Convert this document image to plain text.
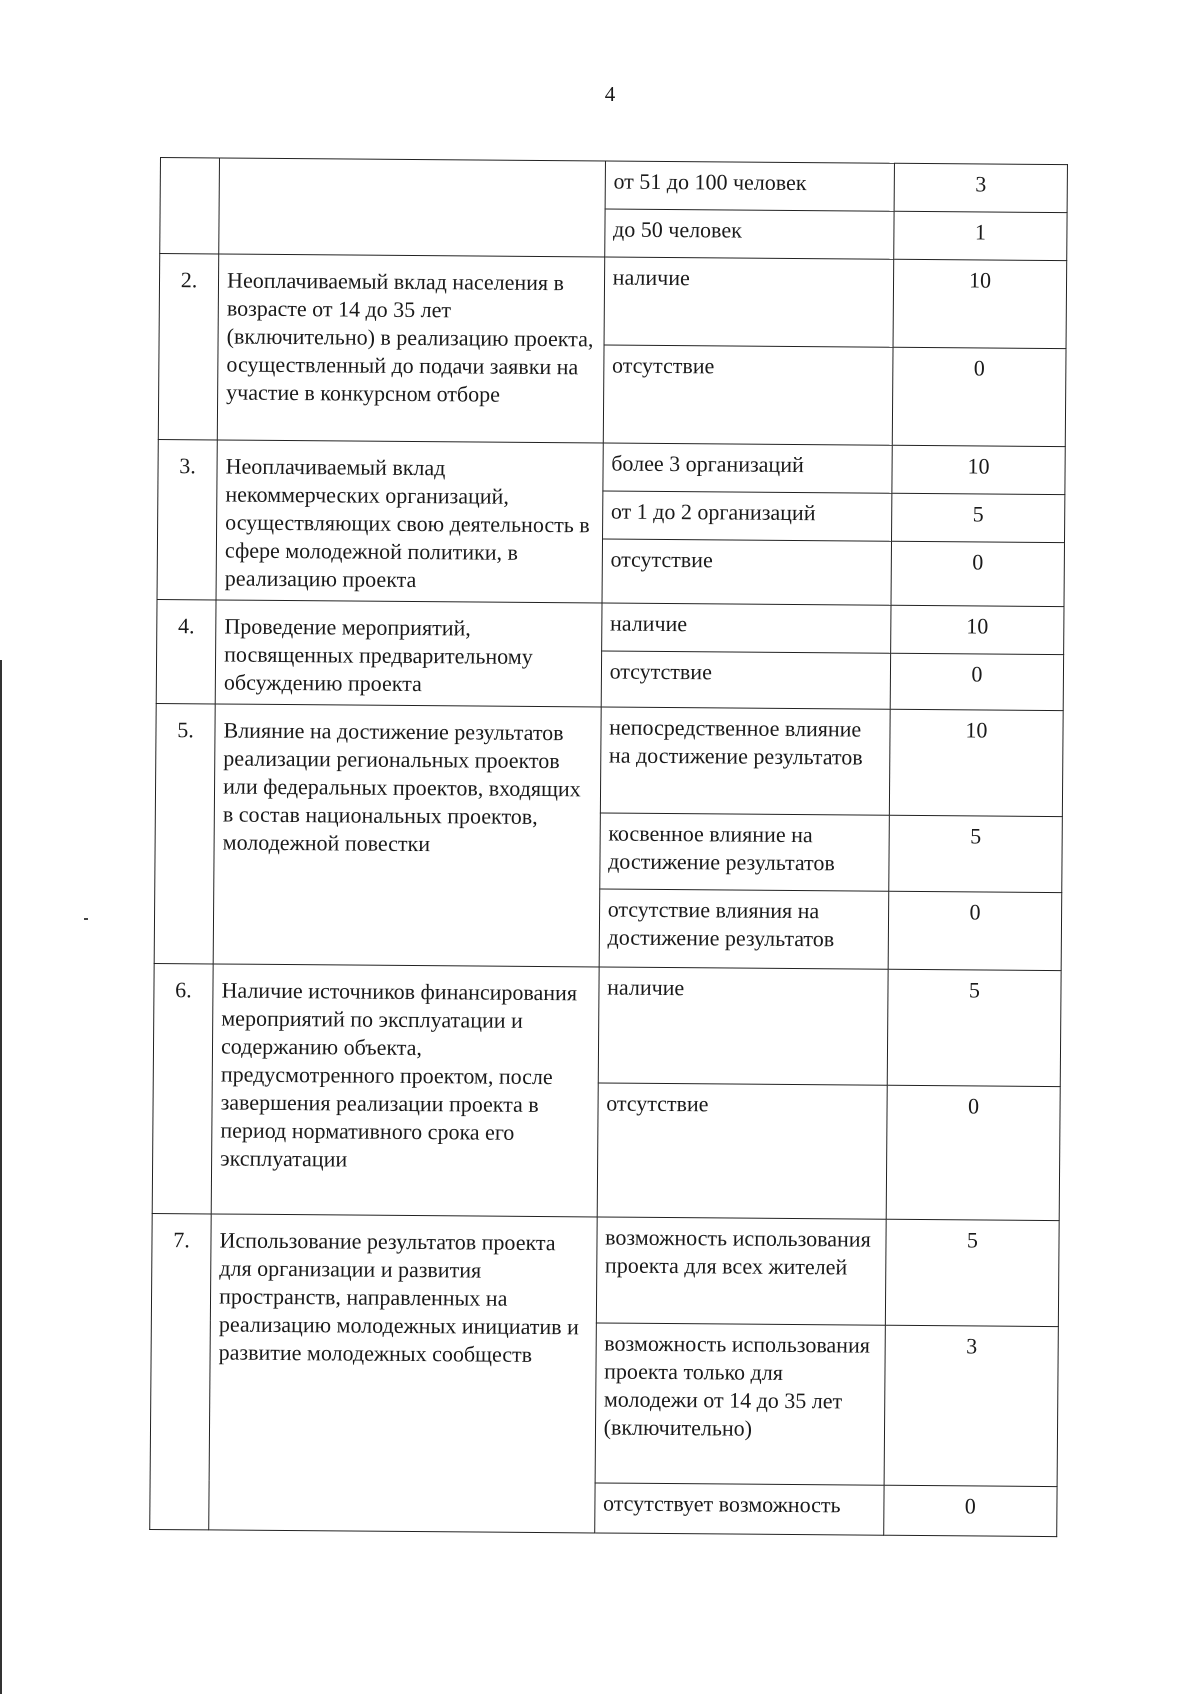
4
		от 51 до 100 человек	3
		до 50 человек	1
2.	Неоплачиваемый вклад населения в возрасте от 14 до 35 лет (включительно) в реализацию проекта, осуществленный до подачи заявки на участие в конкурсном отборе	наличие	10
		отсутствие	0
3.	Неоплачиваемый вклад некоммерческих организаций, осуществляющих свою деятельность в сфере молодежной политики, в реализацию проекта	более 3 организаций	10
		от 1 до 2 организаций	5
		отсутствие	0
4.	Проведение мероприятий, посвященных предварительному обсуждению проекта	наличие	10
		отсутствие	0
5.	Влияние на достижение результатов реализации региональных проектов или федеральных проектов, входящих в состав национальных проектов, молодежной повестки	непосредственное влияние на достижение результатов	10
		косвенное влияние на достижение результатов	5
		отсутствие влияния на достижение результатов	0
6.	Наличие источников финансирования мероприятий по эксплуатации и содержанию объекта, предусмотренного проектом, после завершения реализации проекта в период нормативного срока его эксплуатации	наличие	5
		отсутствие	0
7.	Использование результатов проекта для организации и развития пространств, направленных на реализацию молодежных инициатив и развитие молодежных сообществ	возможность использования проекта для всех жителей	5
		возможность использования проекта только для молодежи от 14 до 35 лет (включительно)	3
		отсутствует возможность	0
